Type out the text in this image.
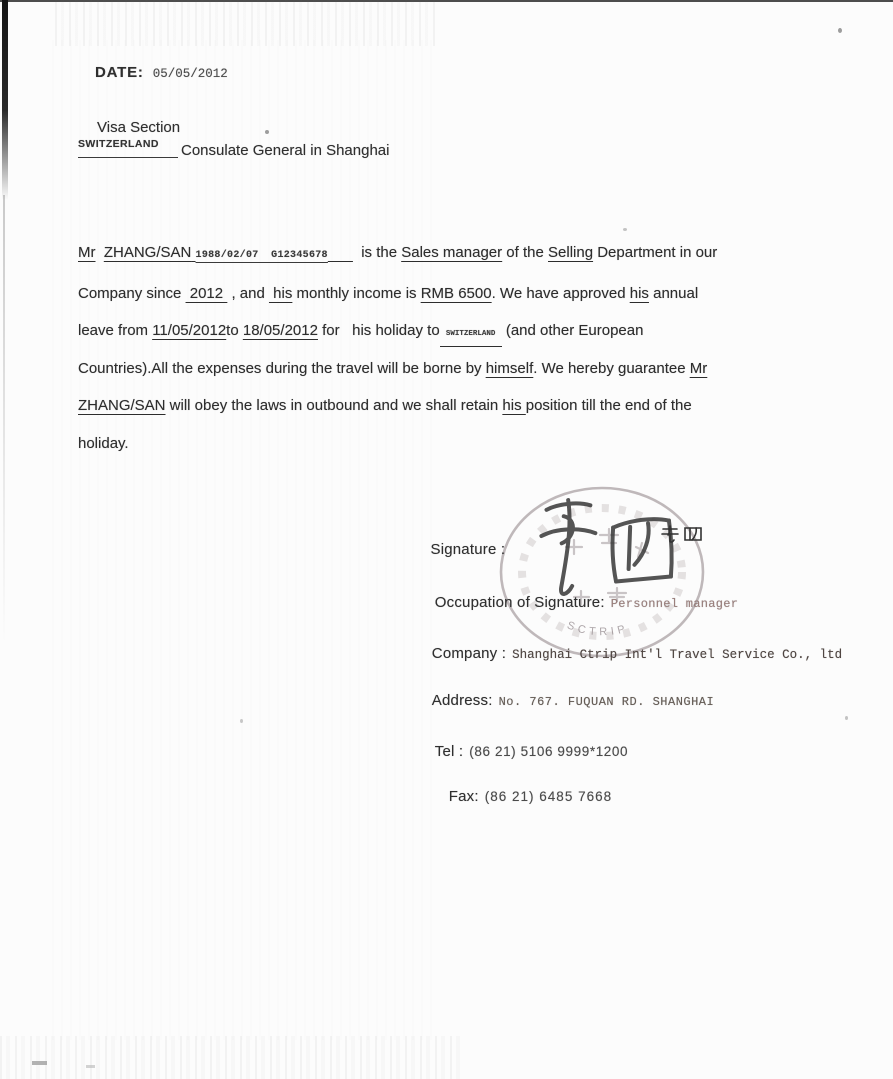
DATE: 05/05/2012
Visa Section
SWITZERLAND	Consulate General in Shanghai
Mr ZHANG/SAN 1988/02/07  G12345678        is the Sales manager of the Selling Department in our
Company since  2012  , and  his monthly income is RMB 6500. We have approved his annual
leave from 11/05/2012to 18/05/2012 for   his holiday to SWITZERLAND (and other European
Countries).All the expenses during the travel will be borne by himself. We hereby guarantee Mr
ZHANG/SAN will obey the laws in outbound and we shall retain his position till the end of the
holiday.
SCTRIP

Signature :

Occupation of Signature: Personnel manager

Company : Shanghai Ctrip Int'l Travel Service Co., ltd

Address: No. 767. FUQUAN RD. SHANGHAI

Tel : (86 21) 5106 9999*1200

Fax: (86 21) 6485 7668
